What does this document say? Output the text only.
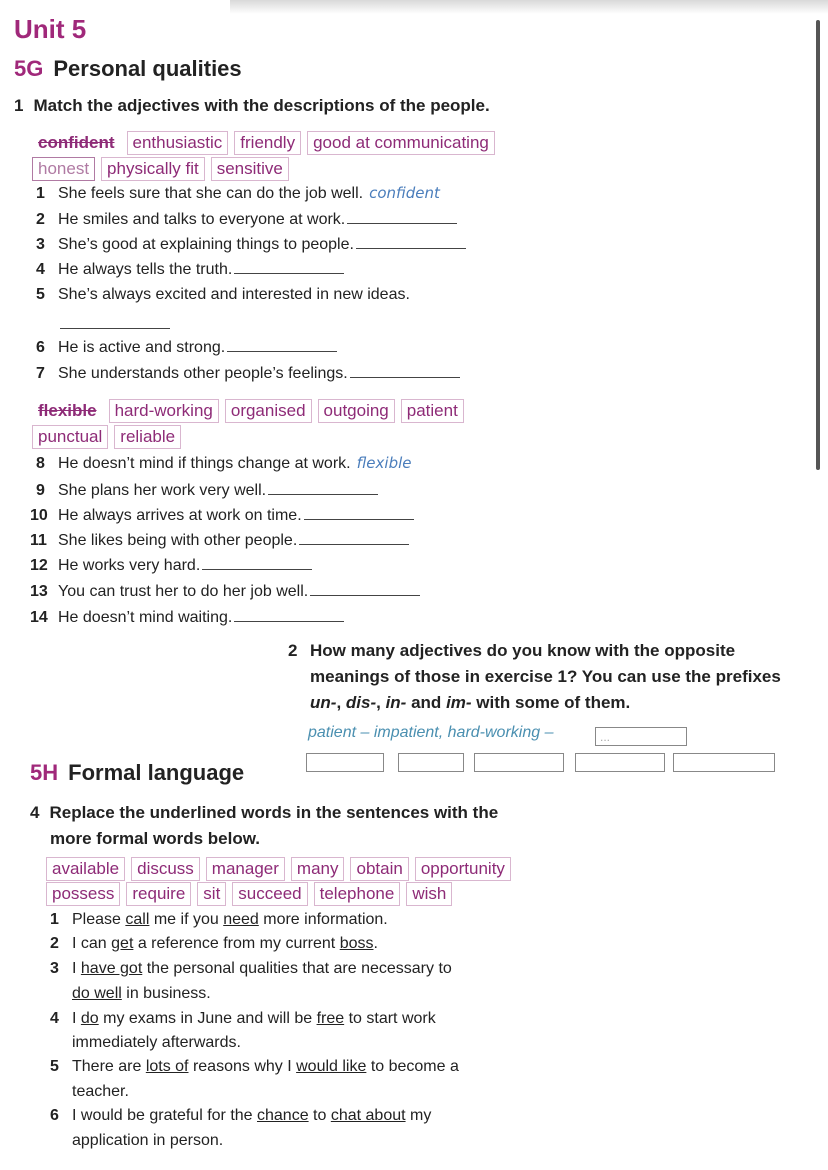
Unit 5
5G Personal qualities
1 Match the adjectives with the descriptions of the people.
confident	enthusiastic	friendly	good at communicating
honest	physically fit	sensitive
1 She feels sure that she can do the job well. confident
2 He smiles and talks to everyone at work.
3 She’s good at explaining things to people.
4 He always tells the truth.
5 She’s always excited and interested in new ideas.
6 He is active and strong.
7 She understands other people’s feelings.
flexible	hard-working	organised	outgoing	patient
punctual	reliable
8 He doesn’t mind if things change at work. flexible
9 She plans her work very well.
10 He always arrives at work on time.
11 She likes being with other people.
12 He works very hard.
13 You can trust her to do her job well.
14 He doesn’t mind waiting.
2 How many adjectives do you know with the opposite
meanings of those in exercise 1? You can use the prefixes
un-, dis-, in- and im- with some of them.
patient – impatient, hard-working –	...
5H Formal language
4 Replace the underlined words in the sentences with the
more formal words below.
available	discuss	manager	many	obtain	opportunity
possess	require	sit	succeed	telephone	wish
1 Please call me if you need more information.
2 I can get a reference from my current boss.
3 I have got the personal qualities that are necessary to
do well in business.
4 I do my exams in June and will be free to start work
immediately afterwards.
5 There are lots of reasons why I would like to become a
teacher.
6 I would be grateful for the chance to chat about my
application in person.
